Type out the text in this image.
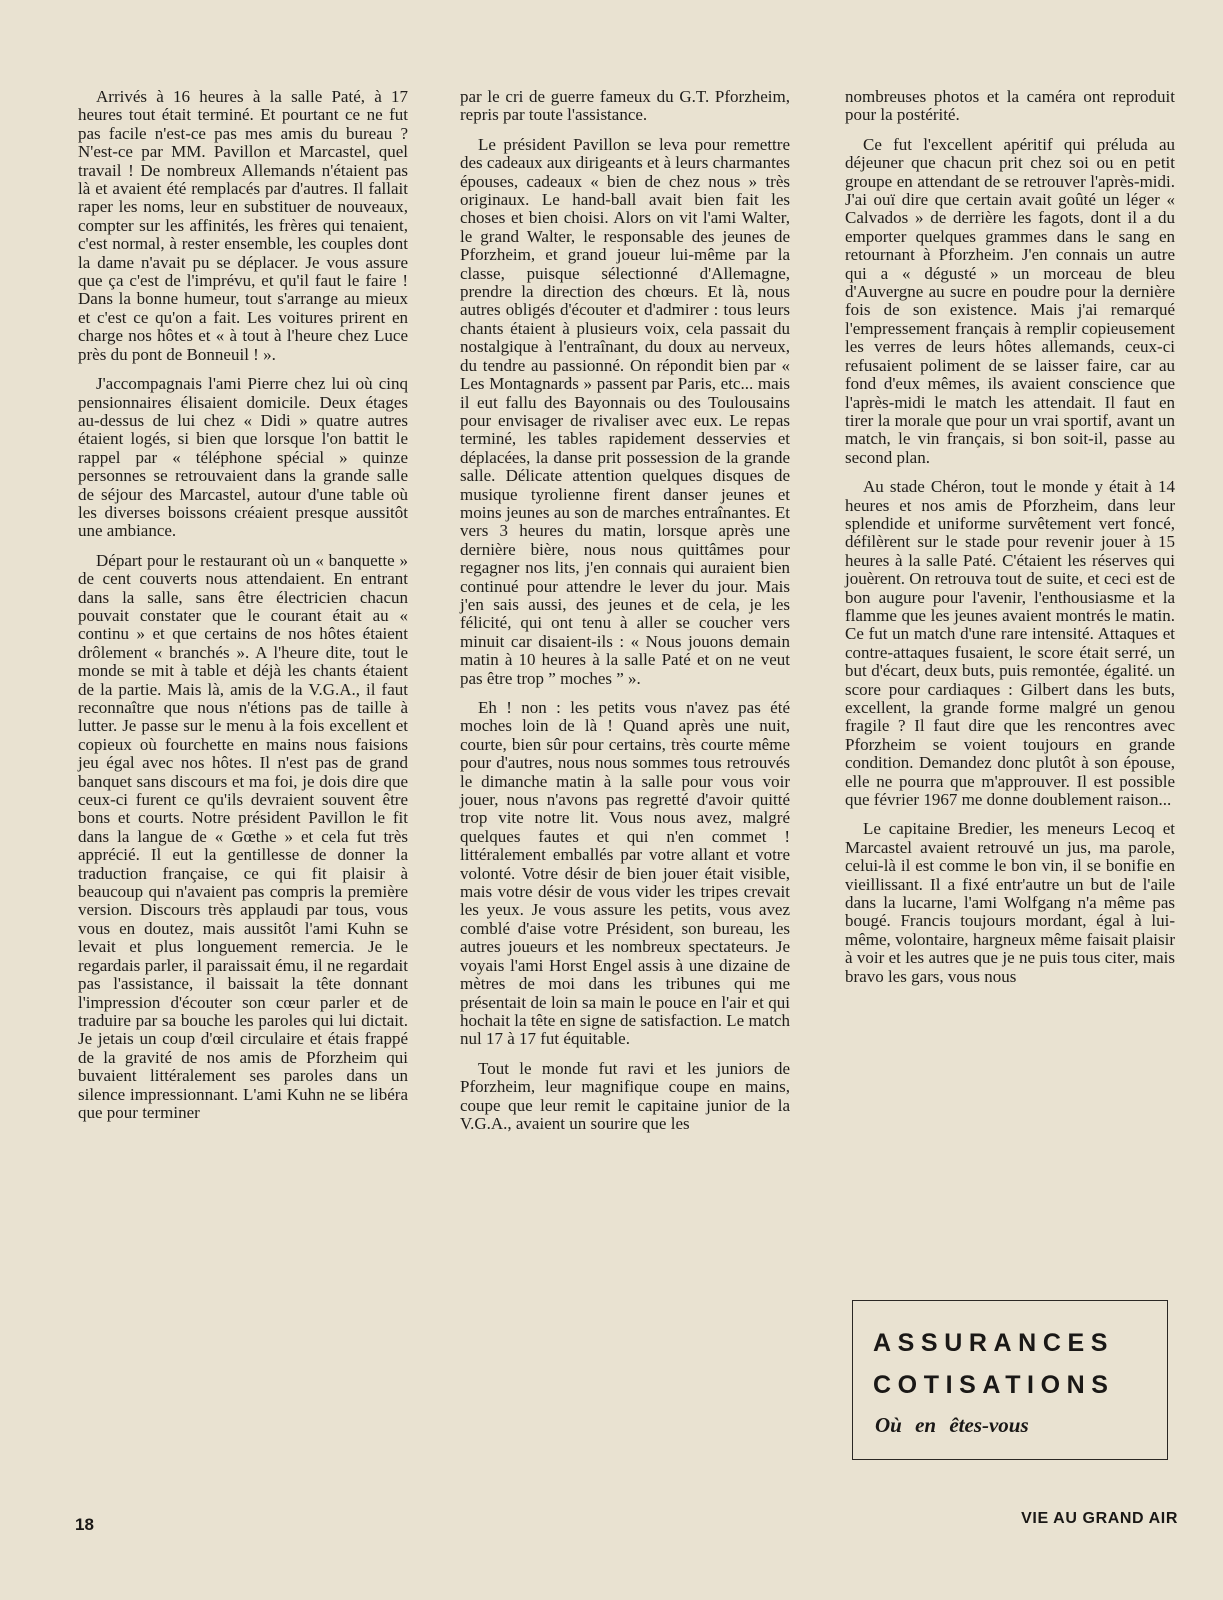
Arrivés à 16 heures à la salle Paté, à 17 heures tout était terminé. Et pourtant ce ne fut pas facile n'est-ce pas mes amis du bureau ? N'est-ce par MM. Pavillon et Marcastel, quel travail ! De nombreux Allemands n'étaient pas là et avaient été remplacés par d'autres. Il fallait raper les noms, leur en substituer de nouveaux, compter sur les affinités, les frères qui tenaient, c'est normal, à rester ensemble, les couples dont la dame n'avait pu se déplacer. Je vous assure que ça c'est de l'imprévu, et qu'il faut le faire ! Dans la bonne humeur, tout s'arrange au mieux et c'est ce qu'on a fait. Les voitures prirent en charge nos hôtes et « à tout à l'heure chez Luce près du pont de Bonneuil ! ».

J'accompagnais l'ami Pierre chez lui où cinq pensionnaires élisaient domicile. Deux étages au-dessus de lui chez « Didi » quatre autres étaient logés, si bien que lorsque l'on battit le rappel par « téléphone spécial » quinze personnes se retrouvaient dans la grande salle de séjour des Marcastel, autour d'une table où les diverses boissons créaient presque aussitôt une ambiance.

Départ pour le restaurant où un « banquette » de cent couverts nous attendaient. En entrant dans la salle, sans être électricien chacun pouvait constater que le courant était au « continu » et que certains de nos hôtes étaient drôlement « branchés ». A l'heure dite, tout le monde se mit à table et déjà les chants étaient de la partie. Mais là, amis de la V.G.A., il faut reconnaître que nous n'étions pas de taille à lutter. Je passe sur le menu à la fois excellent et copieux où fourchette en mains nous faisions jeu égal avec nos hôtes. Il n'est pas de grand banquet sans discours et ma foi, je dois dire que ceux-ci furent ce qu'ils devraient souvent être bons et courts. Notre président Pavillon le fit dans la langue de « Gœthe » et cela fut très apprécié. Il eut la gentillesse de donner la traduction française, ce qui fit plaisir à beaucoup qui n'avaient pas compris la première version. Discours très applaudi par tous, vous vous en doutez, mais aussitôt l'ami Kuhn se levait et plus longuement remercia. Je le regardais parler, il paraissait ému, il ne regardait pas l'assistance, il baissait la tête donnant l'impression d'écouter son cœur parler et de traduire par sa bouche les paroles qui lui dictait. Je jetais un coup d'œil circulaire et étais frappé de la gravité de nos amis de Pforzheim qui buvaient littéralement ses paroles dans un silence impressionnant. L'ami Kuhn ne se libéra que pour terminer

par le cri de guerre fameux du G.T. Pforzheim, repris par toute l'assistance.

Le président Pavillon se leva pour remettre des cadeaux aux dirigeants et à leurs charmantes épouses, cadeaux « bien de chez nous » très originaux. Le hand-ball avait bien fait les choses et bien choisi. Alors on vit l'ami Walter, le grand Walter, le responsable des jeunes de Pforzheim, et grand joueur lui-même par la classe, puisque sélectionné d'Allemagne, prendre la direction des chœurs. Et là, nous autres obligés d'écouter et d'admirer : tous leurs chants étaient à plusieurs voix, cela passait du nostalgique à l'entraînant, du doux au nerveux, du tendre au passionné. On répondit bien par « Les Montagnards » passent par Paris, etc... mais il eut fallu des Bayonnais ou des Toulousains pour envisager de rivaliser avec eux. Le repas terminé, les tables rapidement desservies et déplacées, la danse prit possession de la grande salle. Délicate attention quelques disques de musique tyrolienne firent danser jeunes et moins jeunes au son de marches entraînantes. Et vers 3 heures du matin, lorsque après une dernière bière, nous nous quittâmes pour regagner nos lits, j'en connais qui auraient bien continué pour attendre le lever du jour. Mais j'en sais aussi, des jeunes et de cela, je les félicité, qui ont tenu à aller se coucher vers minuit car disaient-ils : « Nous jouons demain matin à 10 heures à la salle Paté et on ne veut pas être trop ” moches ” ».

Eh ! non : les petits vous n'avez pas été moches loin de là ! Quand après une nuit, courte, bien sûr pour certains, très courte même pour d'autres, nous nous sommes tous retrouvés le dimanche matin à la salle pour vous voir jouer, nous n'avons pas regretté d'avoir quitté trop vite notre lit. Vous nous avez, malgré quelques fautes et qui n'en commet ! littéralement emballés par votre allant et votre volonté. Votre désir de bien jouer était visible, mais votre désir de vous vider les tripes crevait les yeux. Je vous assure les petits, vous avez comblé d'aise votre Président, son bureau, les autres joueurs et les nombreux spectateurs. Je voyais l'ami Horst Engel assis à une dizaine de mètres de moi dans les tribunes qui me présentait de loin sa main le pouce en l'air et qui hochait la tête en signe de satisfaction. Le match nul 17 à 17 fut équitable.

Tout le monde fut ravi et les juniors de Pforzheim, leur magnifique coupe en mains, coupe que leur remit le capitaine junior de la V.G.A., avaient un sourire que les

nombreuses photos et la caméra ont reproduit pour la postérité.

Ce fut l'excellent apéritif qui préluda au déjeuner que chacun prit chez soi ou en petit groupe en attendant de se retrouver l'après-midi. J'ai ouï dire que certain avait goûté un léger « Calvados » de derrière les fagots, dont il a du emporter quelques grammes dans le sang en retournant à Pforzheim. J'en connais un autre qui a « dégusté » un morceau de bleu d'Auvergne au sucre en poudre pour la dernière fois de son existence. Mais j'ai remarqué l'empressement français à remplir copieusement les verres de leurs hôtes allemands, ceux-ci refusaient poliment de se laisser faire, car au fond d'eux mêmes, ils avaient conscience que l'après-midi le match les attendait. Il faut en tirer la morale que pour un vrai sportif, avant un match, le vin français, si bon soit-il, passe au second plan.

Au stade Chéron, tout le monde y était à 14 heures et nos amis de Pforzheim, dans leur splendide et uniforme survêtement vert foncé, défilèrent sur le stade pour revenir jouer à 15 heures à la salle Paté. C'étaient les réserves qui jouèrent. On retrouva tout de suite, et ceci est de bon augure pour l'avenir, l'enthousiasme et la flamme que les jeunes avaient montrés le matin. Ce fut un match d'une rare intensité. Attaques et contre-attaques fusaient, le score était serré, un but d'écart, deux buts, puis remontée, égalité. un score pour cardiaques : Gilbert dans les buts, excellent, la grande forme malgré un genou fragile ? Il faut dire que les rencontres avec Pforzheim se voient toujours en grande condition. Demandez donc plutôt à son épouse, elle ne pourra que m'approuver. Il est possible que février 1967 me donne doublement raison...

Le capitaine Bredier, les meneurs Lecoq et Marcastel avaient retrouvé un jus, ma parole, celui-là il est comme le bon vin, il se bonifie en vieillissant. Il a fixé entr'autre un but de l'aile dans la lucarne, l'ami Wolfgang n'a même pas bougé. Francis toujours mordant, égal à lui-même, volontaire, hargneux même faisait plaisir à voir et les autres que je ne puis tous citer, mais bravo les gars, vous nous

ASSURANCES
COTISATIONS
Où en êtes-vous
18	VIE AU GRAND AIR
